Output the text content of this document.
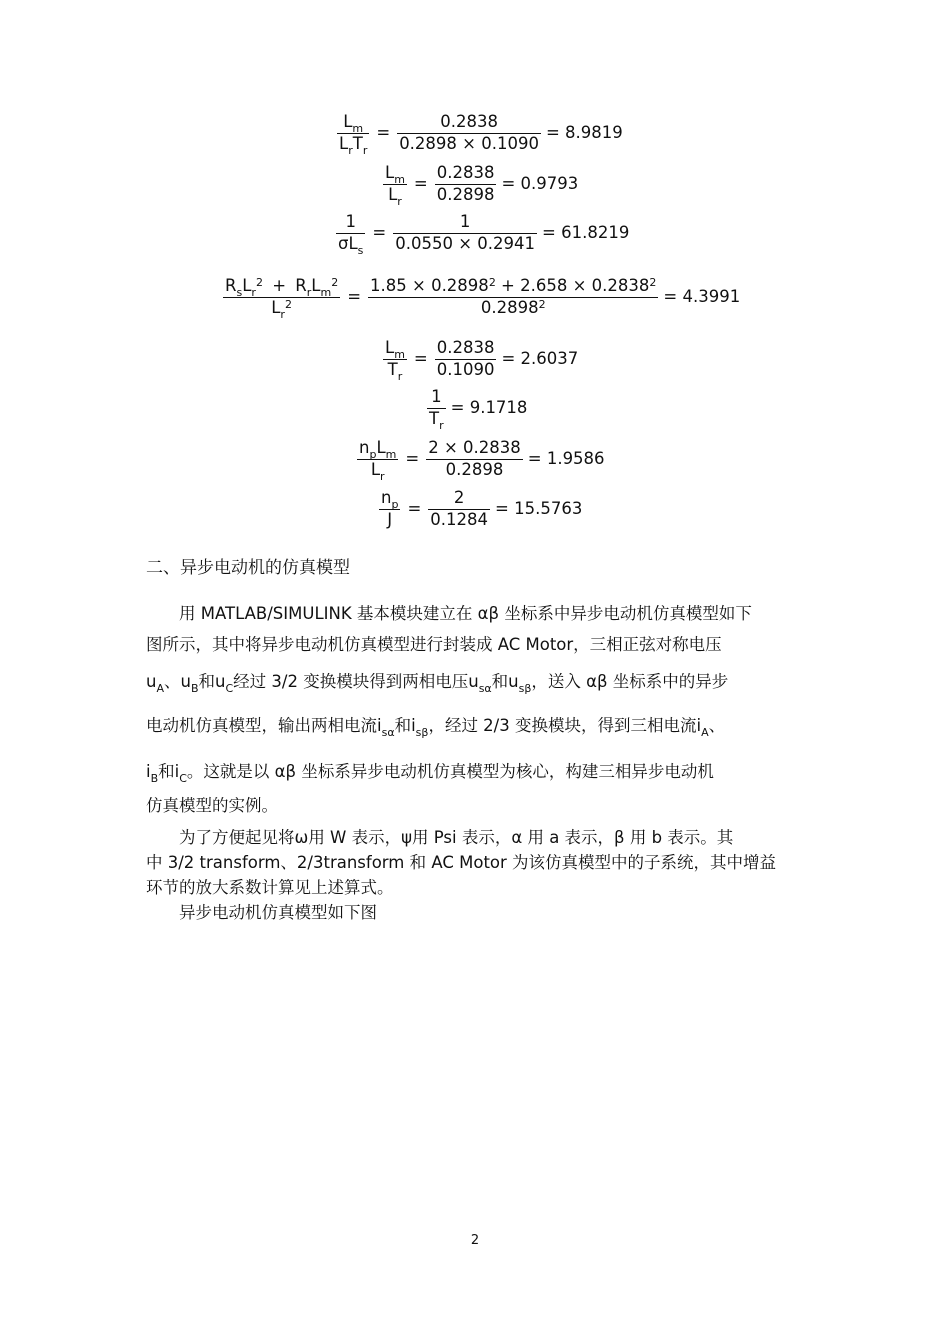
$\frac{L_m}{L_rT_r} = \frac{0.2838}{0.2898 \times 0.1090} = 8.9819$
$\frac{L_m}{L_r} = \frac{0.2838}{0.2898} = 0.9793$
$\frac{1}{\sigma L_s} = \frac{1}{0.0550 \times 0.2941} = 61.8219$
$\frac{R_sL_r^2 + R_rL_m^2}{L_r^2} = \frac{1.85 \times 0.2898^2 + 2.658 \times 0.2838^2}{0.2898^2} = 4.3991$
$\frac{L_m}{T_r} = \frac{0.2838}{0.1090} = 2.6037$
$\frac{1}{T_r} = 9.1718$
$\frac{n_pL_m}{L_r} = \frac{2 \times 0.2838}{0.2898} = 1.9586$
$\frac{n_p}{J} = \frac{2}{0.1284} = 15.5763$
二、异步电动机的仿真模型
用 MATLAB/SIMULINK 基本模块建立在 αβ 坐标系中异步电动机仿真模型如下
图所示，其中将异步电动机仿真模型进行封装成 AC Motor，三相正弦对称电压
$u_A$、$u_B$和$u_C$经过 3/2 变换模块得到两相电压$u_{s\alpha}$和$u_{s\beta}$，送入 αβ 坐标系中的异步
电动机仿真模型，输出两相电流$i_{s\alpha}$和$i_{s\beta}$，经过 2/3 变换模块，得到三相电流$i_A$、
$i_B$和$i_C$。这就是以 αβ 坐标系异步电动机仿真模型为核心，构建三相异步电动机
仿真模型的实例。
为了方便起见将ω用 W 表示，ψ用 Psi 表示，α 用 a 表示，β 用 b 表示。其
中 3/2 transform、2/3transform 和 AC Motor 为该仿真模型中的子系统，其中增益
环节的放大系数计算见上述算式。
异步电动机仿真模型如下图
2
